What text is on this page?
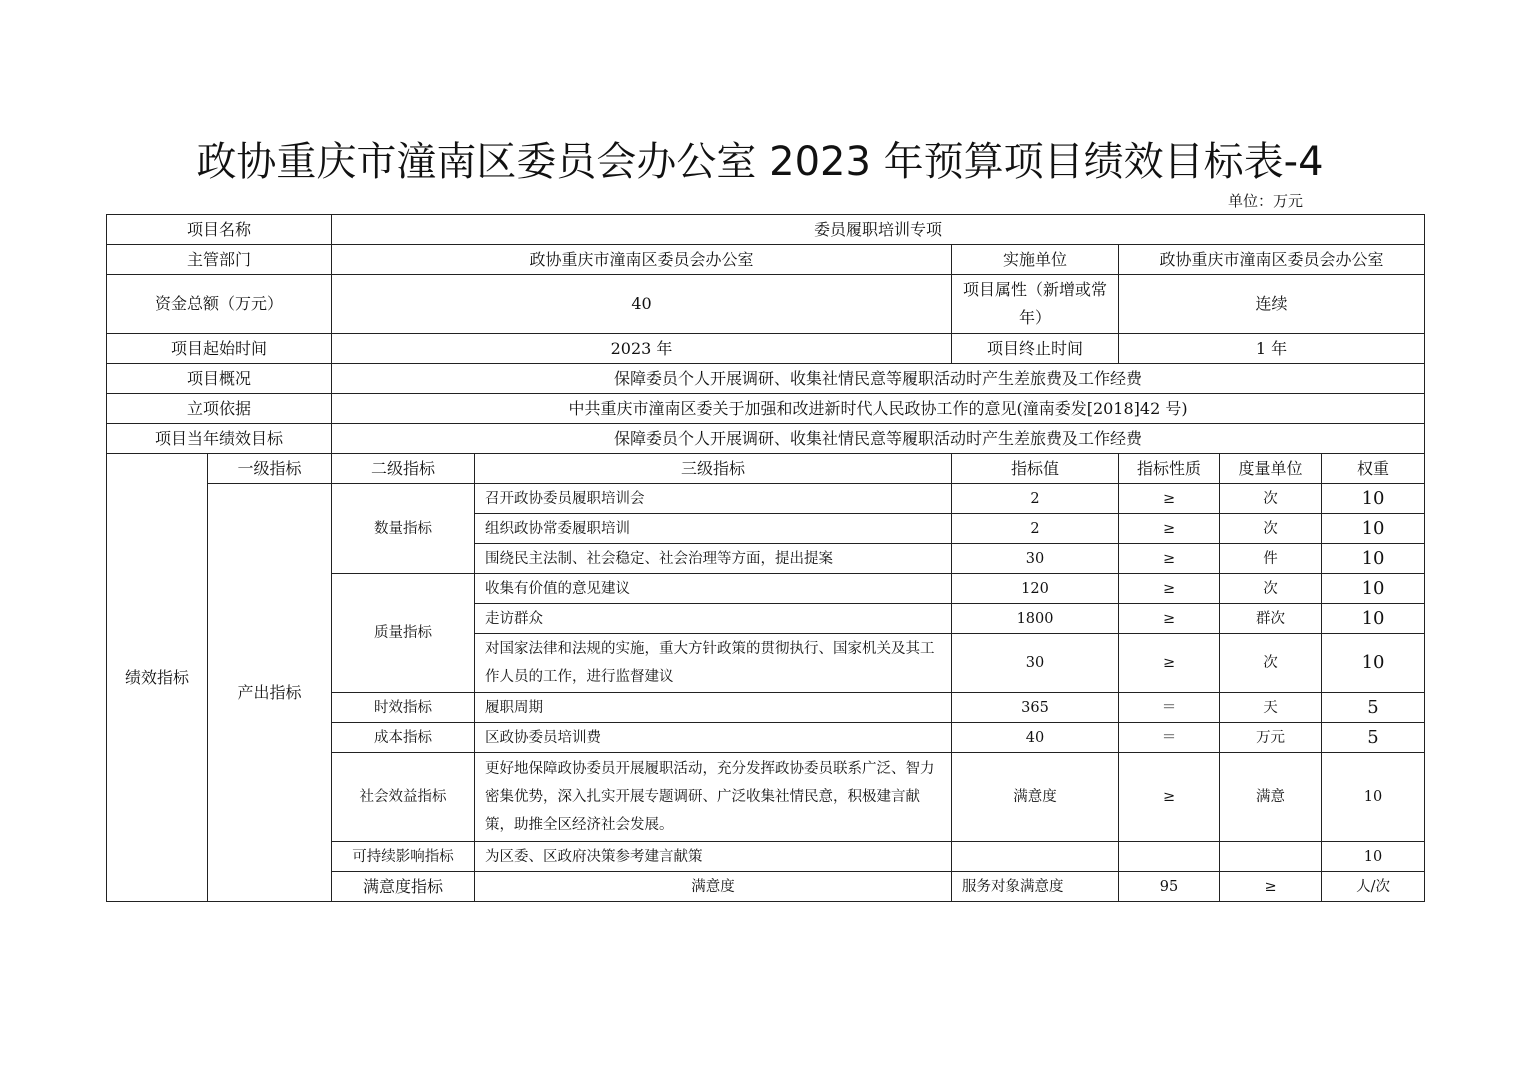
政协重庆市潼南区委员会办公室 2023 年预算项目绩效目标表-4
单位：万元
项目名称		委员履职培训专项						
主管部门		政协重庆市潼南区委员会办公室		实施单位	政协重庆市潼南区委员会办公室			
资金总额（万元）		40		项目属性（新增或常年）	连续			
项目起始时间		2023 年		项目终止时间	1 年			
项目概况		保障委员个人开展调研、收集社情民意等履职活动时产生差旅费及工作经费						
立项依据		中共重庆市潼南区委关于加强和改进新时代人民政协工作的意见(潼南委发[2018]42 号)						
项目当年绩效目标		保障委员个人开展调研、收集社情民意等履职活动时产生差旅费及工作经费						
绩效指标	一级指标	二级指标	三级指标	指标值	指标性质	度量单位	权重	
	产出指标	数量指标	召开政协委员履职培训会	2	≥	次	10	
			组织政协常委履职培训	2	≥	次	10	
			围绕民主法制、社会稳定、社会治理等方面，提出提案	30	≥	件	10	
		质量指标	收集有价值的意见建议	120	≥	次	10	
			走访群众	1800	≥	群次	10	
			对国家法律和法规的实施，重大方针政策的贯彻执行、国家机关及其工作人员的工作，进行监督建议	30	≥	次	10	
		时效指标	履职周期	365	＝	天	5	
		成本指标	区政协委员培训费	40	＝	万元	5	
		社会效益指标	更好地保障政协委员开展履职活动，充分发挥政协委员联系广泛、智力密集优势，深入扎实开展专题调研、广泛收集社情民意，积极建言献策，助推全区经济社会发展。	满意度	≥	满意	10	
		可持续影响指标	为区委、区政府决策参考建言献策				10	
		满意度指标	满意度	服务对象满意度	95	≥	人/次	
